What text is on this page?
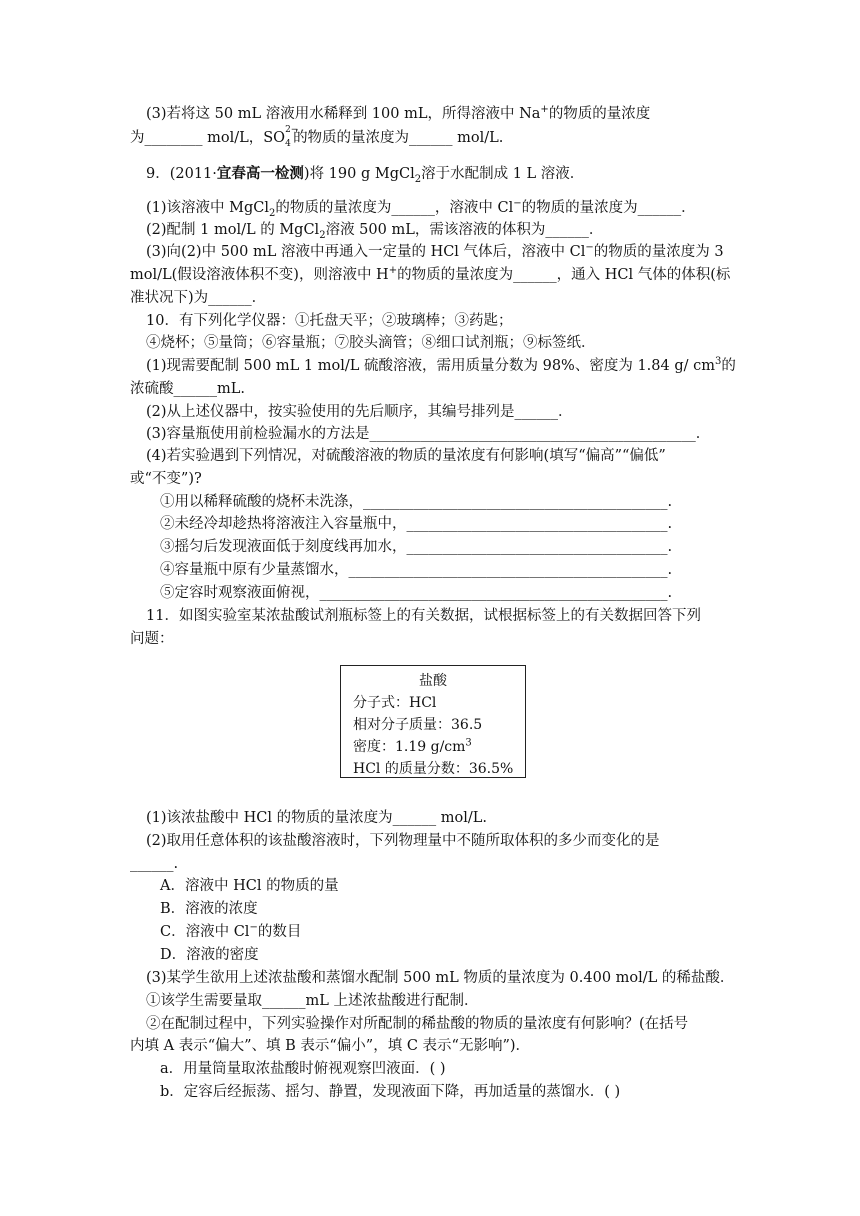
(3)若将这 50 mL 溶液用水稀释到 100 mL，所得溶液中 Na+的物质的量浓度
为________ mol/L，SO 2−
4 的物质的量浓度为______ mol/L.
9．(2011·宜春高一检测)将 190 g MgCl$_2$溶于水配制成 1 L 溶液．
(1)该溶液中 MgCl$_2$的物质的量浓度为______，溶液中 Cl−的物质的量浓度为______．
(2)配制 1 mol/L 的 MgCl$_2$溶液 500 mL，需该溶液的体积为______．
(3)向(2)中 500 mL 溶液中再通入一定量的 HCl 气体后，溶液中 Cl−的物质的量浓度为 3
mol/L(假设溶液体积不变)，则溶液中 H+的物质的量浓度为______，通入 HCl 气体的体积(标
准状况下)为______．
10．有下列化学仪器：①托盘天平；②玻璃棒；③药匙；
④烧杯；⑤量筒；⑥容量瓶；⑦胶头滴管；⑧细口试剂瓶；⑨标签纸．
(1)现需要配制 500 mL 1 mol/L 硫酸溶液，需用质量分数为 98%、密度为 1.84 g/ $cm^3$的
浓硫酸______mL.
(2)从上述仪器中，按实验使用的先后顺序，其编号排列是______．
(3)容量瓶使用前检验漏水的方法是_____________________________________________．
(4)若实验遇到下列情况，对硫酸溶液的物质的量浓度有何影响(填写“偏高”“偏低”
或“不变”)?
①用以稀释硫酸的烧杯未洗涤，__________________________________________.
②未经冷却趁热将溶液注入容量瓶中，____________________________________.
③摇匀后发现液面低于刻度线再加水，____________________________________.
④容量瓶中原有少量蒸馏水，____________________________________________.
⑤定容时观察液面俯视，________________________________________________.
11．如图实验室某浓盐酸试剂瓶标签上的有关数据，试根据标签上的有关数据回答下列
问题：
盐酸
分子式：HCl
相对分子质量：36.5
密度：1.19 $g/cm^3$
HCl 的质量分数：36.5%
(1)该浓盐酸中 HCl 的物质的量浓度为______ mol/L.
(2)取用任意体积的该盐酸溶液时，下列物理量中不随所取体积的多少而变化的是
______.
A．溶液中 HCl 的物质的量
B．溶液的浓度
C．溶液中 Cl−的数目
D．溶液的密度
(3)某学生欲用上述浓盐酸和蒸馏水配制 500 mL 物质的量浓度为 0.400 mol/L 的稀盐酸．
①该学生需要量取______mL 上述浓盐酸进行配制．
②在配制过程中，下列实验操作对所配制的稀盐酸的物质的量浓度有何影响？(在括号
内填 A 表示“偏大”、填 B 表示“偏小”，填 C 表示“无影响”)．
a．用量筒量取浓盐酸时俯视观察凹液面．( )
b．定容后经振荡、摇匀、静置，发现液面下降，再加适量的蒸馏水．( )
